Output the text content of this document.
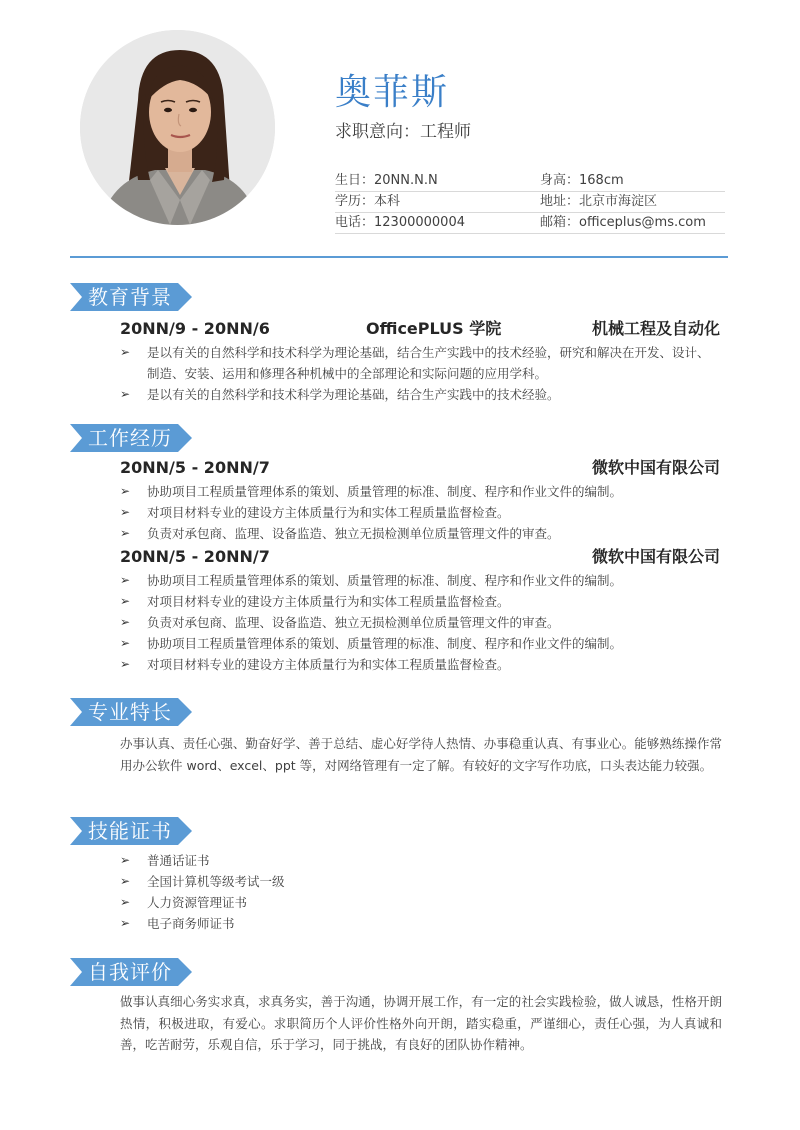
奥菲斯
求职意向：工程师
生日：20NN.N.N	身高：168cm
学历：本科	地址：北京市海淀区
电话：12300000004	邮箱：officeplus@ms.com
教育背景
20NN/9 - 20NN/6	OfficePLUS 学院	机械工程及自动化
➢ 是以有关的自然科学和技术科学为理论基础，结合生产实践中的技术经验，研究和解决在开发、设计、制造、安装、运用和修理各种机械中的全部理论和实际问题的应用学科。
➢ 是以有关的自然科学和技术科学为理论基础，结合生产实践中的技术经验。
工作经历
20NN/5 - 20NN/7	微软中国有限公司
➢ 协助项目工程质量管理体系的策划、质量管理的标准、制度、程序和作业文件的编制。
➢ 对项目材料专业的建设方主体质量行为和实体工程质量监督检查。
➢ 负责对承包商、监理、设备监造、独立无损检测单位质量管理文件的审查。
20NN/5 - 20NN/7	微软中国有限公司
➢ 协助项目工程质量管理体系的策划、质量管理的标准、制度、程序和作业文件的编制。
➢ 对项目材料专业的建设方主体质量行为和实体工程质量监督检查。
➢ 负责对承包商、监理、设备监造、独立无损检测单位质量管理文件的审查。
➢ 协助项目工程质量管理体系的策划、质量管理的标准、制度、程序和作业文件的编制。
➢ 对项目材料专业的建设方主体质量行为和实体工程质量监督检查。
专业特长

办事认真、责任心强、勤奋好学、善于总结、虚心好学待人热情、办事稳重认真、有事业心。能够熟练操作常用办公软件 word、excel、ppt 等，对网络管理有一定了解。有较好的文字写作功底，口头表达能力较强。

技能证书
➢ 普通话证书
➢ 全国计算机等级考试一级
➢ 人力资源管理证书
➢ 电子商务师证书
自我评价

做事认真细心务实求真，求真务实，善于沟通，协调开展工作，有一定的社会实践检验，做人诚恳，性格开朗热情，积极进取，有爱心。求职简历个人评价性格外向开朗，踏实稳重，严谨细心，责任心强，为人真诚和善，吃苦耐劳，乐观自信，乐于学习，同于挑战，有良好的团队协作精神。
